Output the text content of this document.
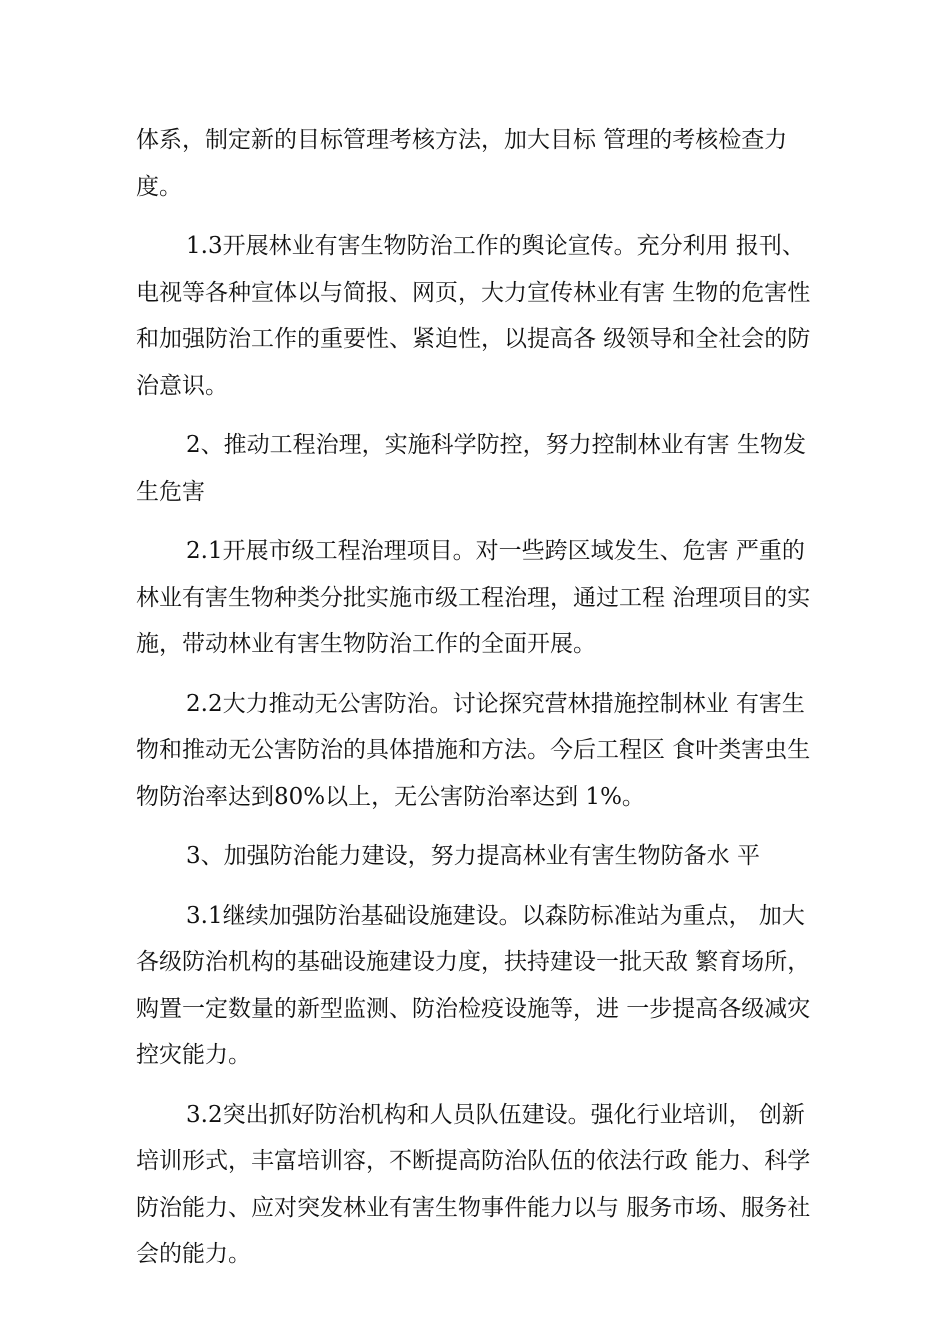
体系，制定新的目标管理考核方法，加大目标 管理的考核检查力
度。

1.3开展林业有害生物防治工作的舆论宣传。充分利用 报刊、
电视等各种宣体以与简报、网页，大力宣传林业有害 生物的危害性
和加强防治工作的重要性、紧迫性，以提高各 级领导和全社会的防
治意识。

2、推动工程治理，实施科学防控，努力控制林业有害 生物发
生危害

2.1开展市级工程治理项目。对一些跨区域发生、危害 严重的
林业有害生物种类分批实施市级工程治理，通过工程 治理项目的实
施，带动林业有害生物防治工作的全面开展。

2.2大力推动无公害防治。讨论探究营林措施控制林业 有害生
物和推动无公害防治的具体措施和方法。今后工程区 食叶类害虫生
物防治率达到80%以上，无公害防治率达到 1%。

3、加强防治能力建设，努力提高林业有害生物防备水 平

3.1继续加强防治基础设施建设。以森防标准站为重点， 加大
各级防治机构的基础设施建设力度，扶持建设一批天敌 繁育场所，
购置一定数量的新型监测、防治检疫设施等，进 一步提高各级减灾
控灾能力。

3.2突出抓好防治机构和人员队伍建设。强化行业培训， 创新
培训形式，丰富培训容，不断提高防治队伍的依法行政 能力、科学
防治能力、应对突发林业有害生物事件能力以与 服务市场、服务社
会的能力。
